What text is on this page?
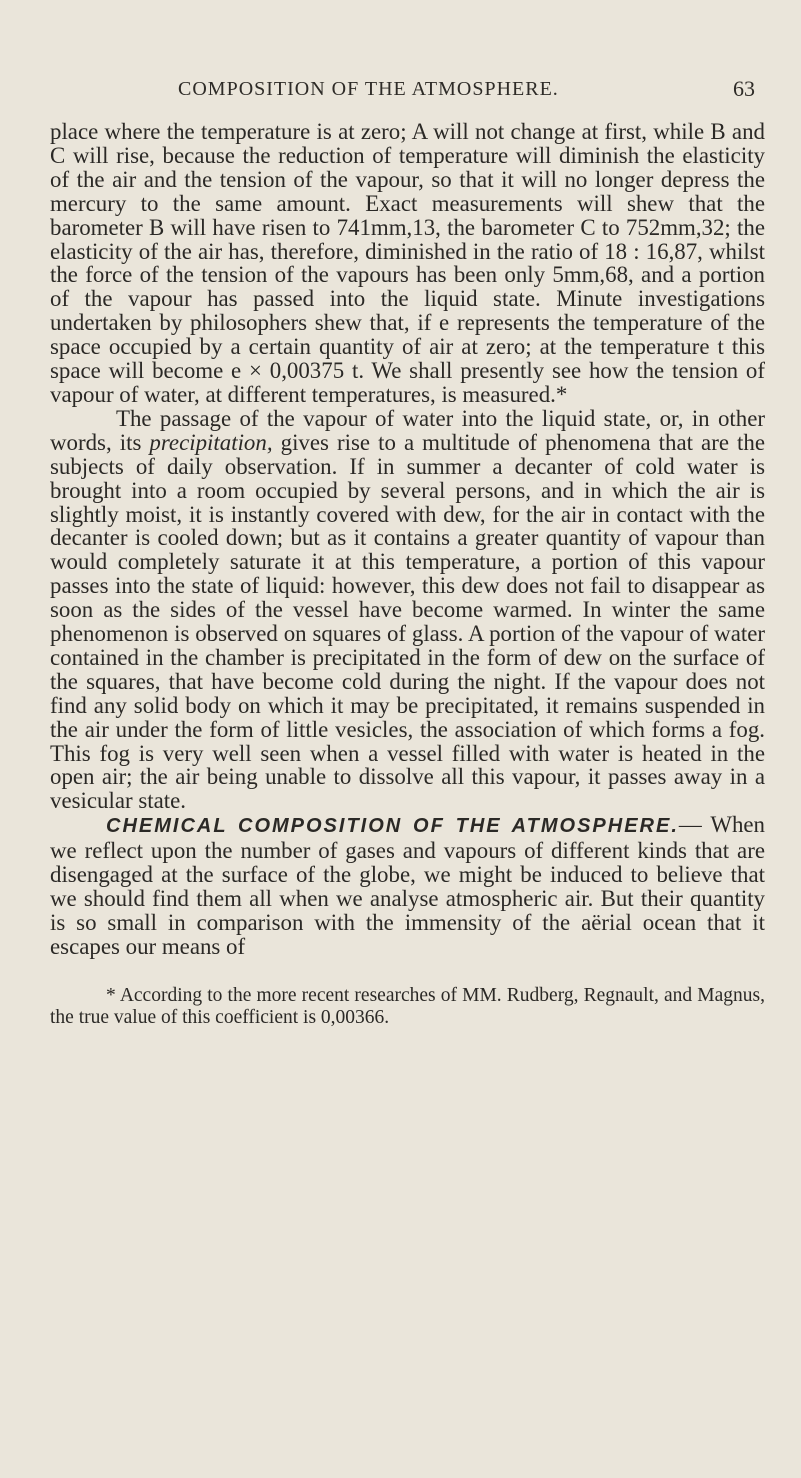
COMPOSITION OF THE ATMOSPHERE.	63

place where the temperature is at zero; A will not change at first, while B and C will rise, because the reduction of temperature will diminish the elasticity of the air and the tension of the vapour, so that it will no longer depress the mercury to the same amount. Exact measurements will shew that the barometer B will have risen to 741mm,13, the barometer C to 752mm,32; the elasticity of the air has, therefore, diminished in the ratio of 18 : 16,87, whilst the force of the tension of the vapours has been only 5mm,68, and a portion of the vapour has passed into the liquid state. Minute investigations undertaken by philosophers shew that, if e represents the temperature of the space occupied by a certain quantity of air at zero; at the temperature t this space will become e × 0,00375 t. We shall presently see how the tension of vapour of water, at different temperatures, is measured.*

The passage of the vapour of water into the liquid state, or, in other words, its precipitation, gives rise to a multitude of phenomena that are the subjects of daily observation. If in summer a decanter of cold water is brought into a room occupied by several persons, and in which the air is slightly moist, it is instantly covered with dew, for the air in contact with the decanter is cooled down; but as it contains a greater quantity of vapour than would completely saturate it at this temperature, a portion of this vapour passes into the state of liquid: however, this dew does not fail to disappear as soon as the sides of the vessel have become warmed. In winter the same phenomenon is observed on squares of glass. A portion of the vapour of water contained in the chamber is precipitated in the form of dew on the surface of the squares, that have become cold during the night. If the vapour does not find any solid body on which it may be precipitated, it remains suspended in the air under the form of little vesicles, the association of which forms a fog. This fog is very well seen when a vessel filled with water is heated in the open air; the air being unable to dissolve all this vapour, it passes away in a vesicular state.

CHEMICAL COMPOSITION OF THE ATMOSPHERE.— When we reflect upon the number of gases and vapours of different kinds that are disengaged at the surface of the globe, we might be induced to believe that we should find them all when we analyse atmospheric air. But their quantity is so small in comparison with the immensity of the aërial ocean that it escapes our means of

* According to the more recent researches of MM. Rudberg, Regnault, and Magnus, the true value of this coefficient is 0,00366.
